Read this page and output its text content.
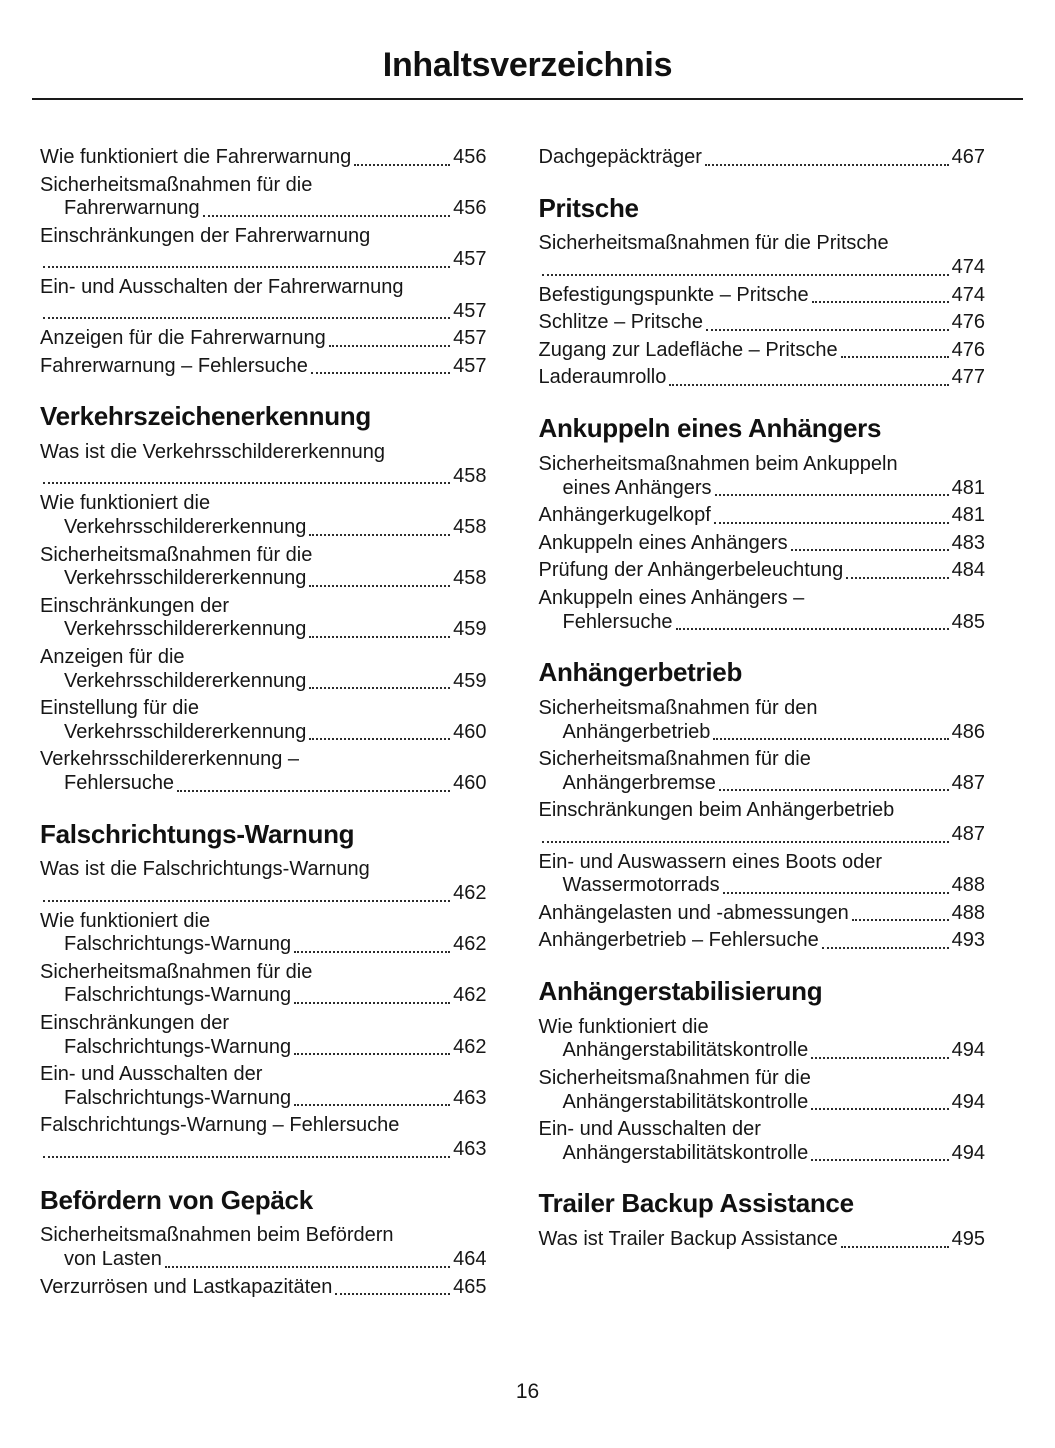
Inhaltsverzeichnis
Wie funktioniert die Fahrerwarnung	456
Sicherheitsmaßnahmen für die
Fahrerwarnung	456
Einschränkungen der Fahrerwarnung
457
Ein- und Ausschalten der Fahrerwarnung
457
Anzeigen für die Fahrerwarnung	457
Fahrerwarnung – Fehlersuche	457
Verkehrszeichenerkennung
Was ist die Verkehrsschildererkennung
458
Wie funktioniert die
Verkehrsschildererkennung	458
Sicherheitsmaßnahmen für die
Verkehrsschildererkennung	458
Einschränkungen der
Verkehrsschildererkennung	459
Anzeigen für die
Verkehrsschildererkennung	459
Einstellung für die
Verkehrsschildererkennung	460
Verkehrsschildererkennung –
Fehlersuche	460
Falschrichtungs-Warnung
Was ist die Falschrichtungs-Warnung
462
Wie funktioniert die
Falschrichtungs-Warnung	462
Sicherheitsmaßnahmen für die
Falschrichtungs-Warnung	462
Einschränkungen der
Falschrichtungs-Warnung	462
Ein- und Ausschalten der
Falschrichtungs-Warnung	463
Falschrichtungs-Warnung – Fehlersuche
463
Befördern von Gepäck
Sicherheitsmaßnahmen beim Befördern
von Lasten	464
Verzurrösen und Lastkapazitäten	465
Dachgepäckträger	467
Pritsche
Sicherheitsmaßnahmen für die Pritsche
474
Befestigungspunkte – Pritsche	474
Schlitze – Pritsche	476
Zugang zur Ladefläche – Pritsche	476
Laderaumrollo	477
Ankuppeln eines Anhängers
Sicherheitsmaßnahmen beim Ankuppeln
eines Anhängers	481
Anhängerkugelkopf	481
Ankuppeln eines Anhängers	483
Prüfung der Anhängerbeleuchtung	484
Ankuppeln eines Anhängers –
Fehlersuche	485
Anhängerbetrieb
Sicherheitsmaßnahmen für den
Anhängerbetrieb	486
Sicherheitsmaßnahmen für die
Anhängerbremse	487
Einschränkungen beim Anhängerbetrieb
487
Ein- und Auswassern eines Boots oder
Wassermotorrads	488
Anhängelasten und -abmessungen	488
Anhängerbetrieb – Fehlersuche	493
Anhängerstabilisierung
Wie funktioniert die
Anhängerstabilitätskontrolle	494
Sicherheitsmaßnahmen für die
Anhängerstabilitätskontrolle	494
Ein- und Ausschalten der
Anhängerstabilitätskontrolle	494
Trailer Backup Assistance
Was ist Trailer Backup Assistance	495
16
